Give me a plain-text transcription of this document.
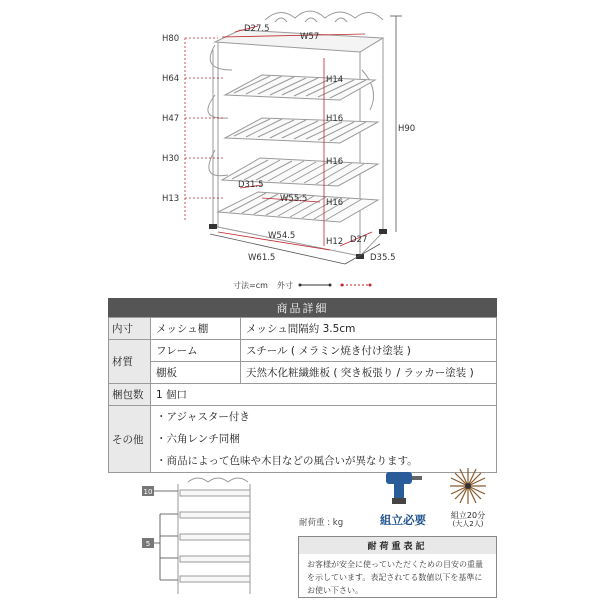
H80
H64
H47
H30
H13
D27.5
W57
H14
H16
H16
H16
H12
H90
D31.5
W55.5
W54.5	D27
W61.5	D35.5
寸法=cm 外寸
商品詳細
内寸	メッシュ棚	メッシュ間隔約 3.5cm
材質	フレーム	スチール ( メラミン焼き付け塗装 )
	棚板	天然木化粧繊維板 ( 突き板張り / ラッカー塗装 )
梱包数	1 個口	
その他	・アジャスター付き
・六角レンチ同梱
・商品によって色味や木目などの風合いが異なります。	
10
5
耐荷重 : kg	組立必要	組立20分
(大人2人)
耐荷重表記
お客様が安全に使っていただくための目安の重量を示しています。表記されてる数値以下を基準にお使い下さい。
